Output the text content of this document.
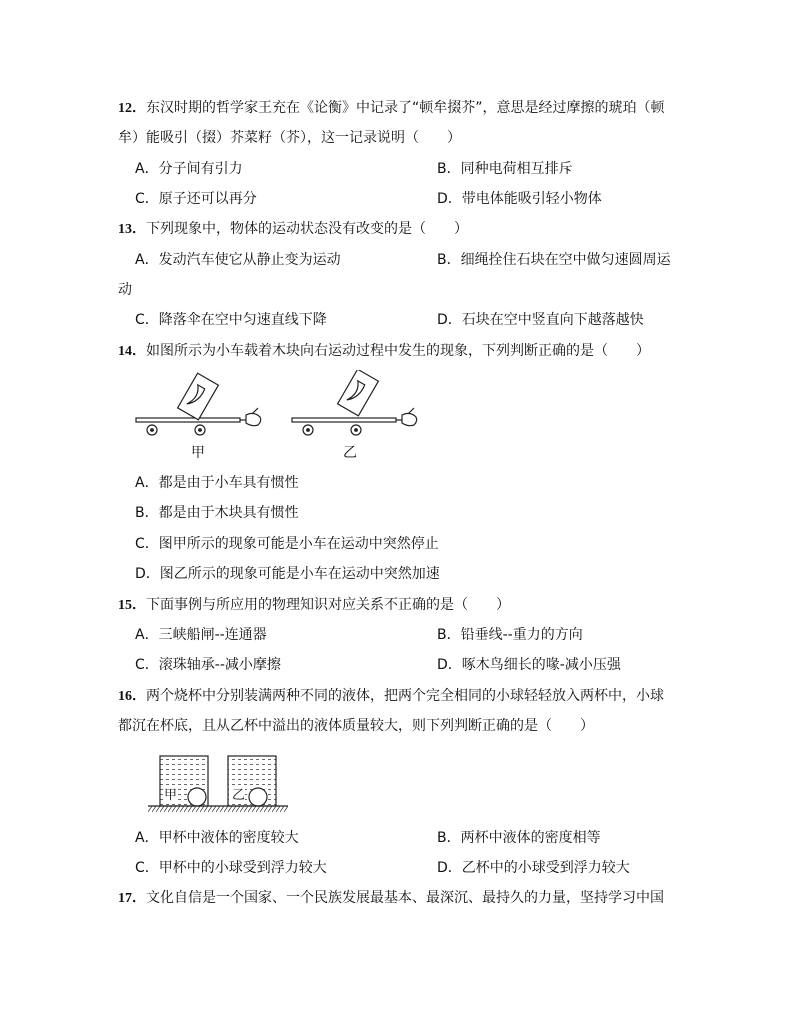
12．东汉时期的哲学家王充在《论衡》中记录了“顿牟掇芥”，意思是经过摩擦的琥珀（顿
牟）能吸引（掇）芥菜籽（芥），这一记录说明（　　）
A．分子间有引力	B．同种电荷相互排斥
C．原子还可以再分	D．带电体能吸引轻小物体
13．下列现象中，物体的运动状态没有改变的是（　　）
A．发动汽车使它从静止变为运动	B．细绳拴住石块在空中做匀速圆周运
动
C．降落伞在空中匀速直线下降	D．石块在空中竖直向下越落越快
14．如图所示为小车载着木块向右运动过程中发生的现象，下列判断正确的是（　　）
甲	乙
A．都是由于小车具有惯性
B．都是由于木块具有惯性
C．图甲所示的现象可能是小车在运动中突然停止
D．图乙所示的现象可能是小车在运动中突然加速
15．下面事例与所应用的物理知识对应关系不正确的是（　　）
A．三峡船闸--连通器	B．铅垂线--重力的方向
C．滚珠轴承--减小摩擦	D．啄木鸟细长的喙-减小压强
16．两个烧杯中分别装满两种不同的液体，把两个完全相同的小球轻轻放入两杯中，小球
都沉在杯底，且从乙杯中溢出的液体质量较大，则下列判断正确的是（　　）
甲	乙
A．甲杯中液体的密度较大	B．两杯中液体的密度相等
C．甲杯中的小球受到浮力较大	D．乙杯中的小球受到浮力较大
17．文化自信是一个国家、一个民族发展最基本、最深沉、最持久的力量，坚持学习中国
